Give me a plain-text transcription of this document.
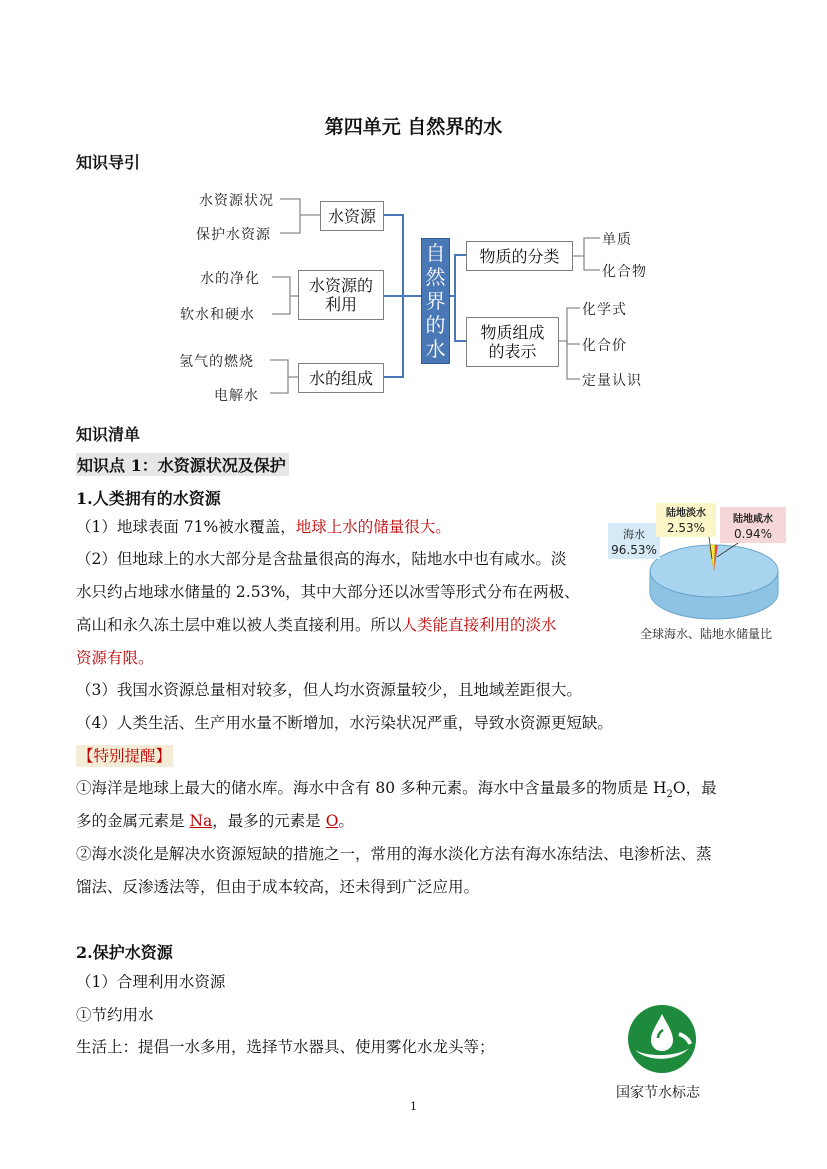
第四单元 自然界的水
知识导引
水资源状况
保护水资源
水的净化
软水和硬水
氢气的燃烧
电解水
水资源
水资源的
利用
水的组成
自
然
界
的
水
物质的分类
物质组成
的表示
单质
化合物
化学式
化合价
定量认识
知识清单
知识点 1：水资源状况及保护
1.人类拥有的水资源
（1）地球表面 71%被水覆盖，地球上水的储量很大。
（2）但地球上的水大部分是含盐量很高的海水，陆地水中也有咸水。淡
水只约占地球水储量的 2.53%，其中大部分还以冰雪等形式分布在两极、
高山和永久冻土层中难以被人类直接利用。所以人类能直接利用的淡水
资源有限。
（3）我国水资源总量相对较多，但人均水资源量较少，且地域差距很大。
（4）人类生活、生产用水量不断增加，水污染状况严重，导致水资源更短缺。
海水
96.53%
陆地淡水
2.53%
陆地咸水
0.94%
全球海水、陆地水储量比
【特别提醒】
①海洋是地球上最大的储水库。海水中含有 80 多种元素。海水中含量最多的物质是 $H_2O$，最
多的金属元素是 Na，最多的元素是 O。
②海水淡化是解决水资源短缺的措施之一，常用的海水淡化方法有海水冻结法、电渗析法、蒸
馏法、反渗透法等，但由于成本较高，还未得到广泛应用。
2.保护水资源
（1）合理利用水资源
①节约用水
生活上：提倡一水多用，选择节水器具、使用雾化水龙头等；
国家节水标志
1
